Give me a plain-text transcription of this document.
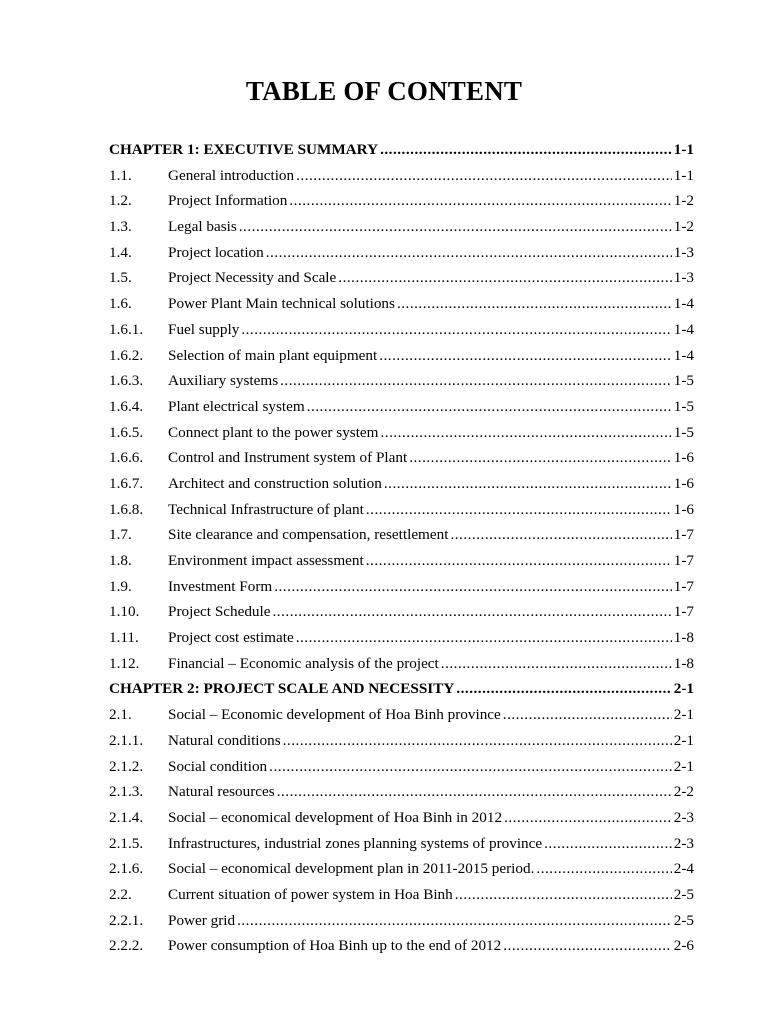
TABLE OF CONTENT
CHAPTER 1: EXECUTIVE SUMMARY .....	1-1
1.1.	General introduction .....	1-1
1.2.	Project Information .....	1-2
1.3.	Legal basis .....	1-2
1.4.	Project location .....	1-3
1.5.	Project Necessity and Scale .....	1-3
1.6.	Power Plant Main technical solutions .....	1-4
1.6.1.	Fuel supply .....	1-4
1.6.2.	Selection of main plant equipment .....	1-4
1.6.3.	Auxiliary systems .....	1-5
1.6.4.	Plant electrical system .....	1-5
1.6.5.	Connect plant to the power system .....	1-5
1.6.6.	Control and Instrument system of Plant .....	1-6
1.6.7.	Architect and construction solution .....	1-6
1.6.8.	Technical Infrastructure of plant .....	1-6
1.7.	Site clearance and compensation, resettlement .....	1-7
1.8.	Environment impact assessment .....	1-7
1.9.	Investment Form .....	1-7
1.10.	Project Schedule .....	1-7
1.11.	Project cost estimate .....	1-8
1.12.	Financial – Economic analysis of the project .....	1-8
CHAPTER 2: PROJECT SCALE AND NECESSITY .....	2-1
2.1.	Social – Economic development of Hoa Binh province .....	2-1
2.1.1.	Natural conditions .....	2-1
2.1.2.	Social condition .....	2-1
2.1.3.	Natural resources .....	2-2
2.1.4.	Social – economical development of Hoa Binh in 2012 .....	2-3
2.1.5.	Infrastructures, industrial zones planning systems of province .....	2-3
2.1.6.	Social – economical development plan in 2011-2015 period. .....	2-4
2.2.	Current situation of power system in Hoa Binh .....	2-5
2.2.1.	Power grid .....	2-5
2.2.2.	Power consumption of Hoa Binh up to the end of 2012 .....	2-6
